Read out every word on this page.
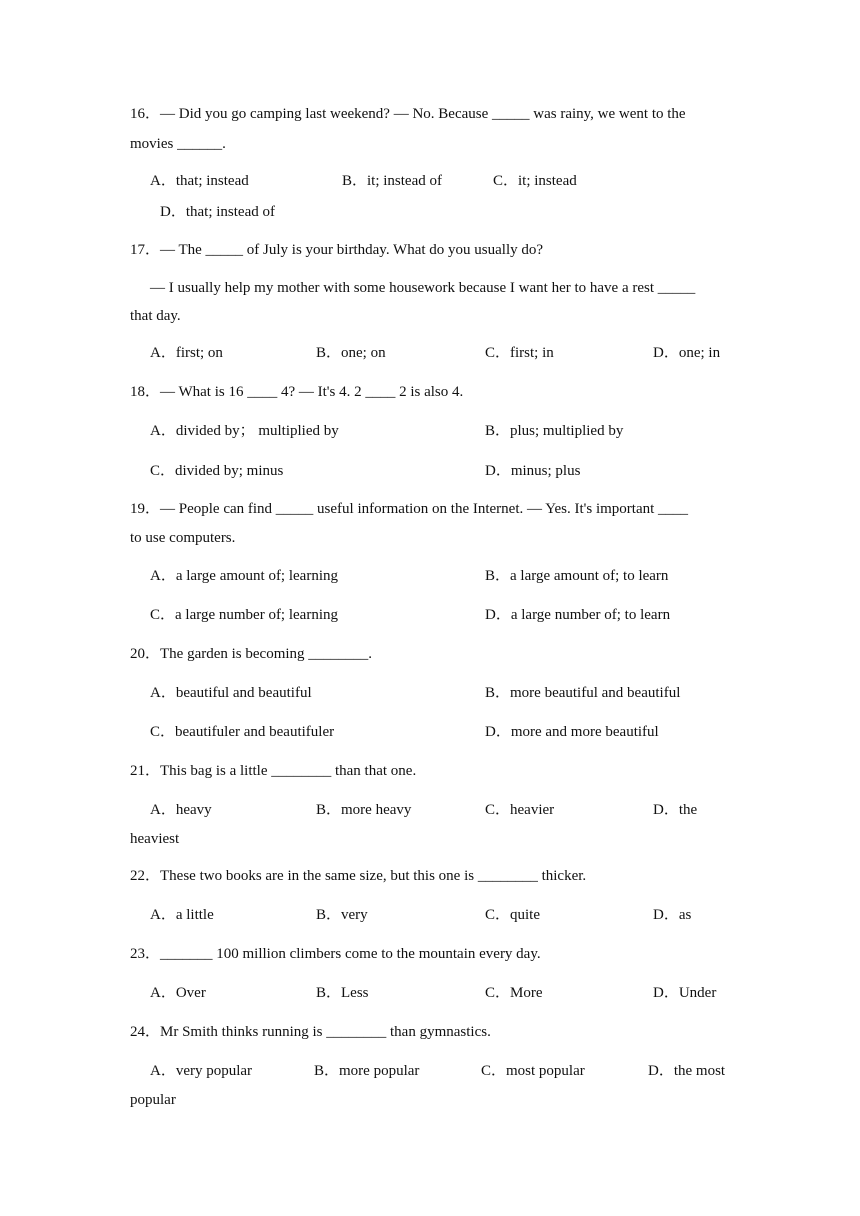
16．— Did you go camping last weekend? — No. Because _____ was rainy, we went to the
movies ______.
A．that; instead	B．it; instead of	C．it; instead
D．that; instead of
17．— The _____ of July is your birthday. What do you usually do?
— I usually help my mother with some housework because I want her to have a rest _____
that day.
A．first; on	B．one; on	C．first; in	D．one; in
18．— What is 16 ____ 4? — It's 4. 2 ____ 2 is also 4.
A．divided by； multiplied by	B．plus; multiplied by
C．divided by; minus	D．minus; plus
19．— People can find _____ useful information on the Internet. — Yes. It's important ____
to use computers.
A．a large amount of; learning	B．a large amount of; to learn
C．a large number of; learning	D．a large number of; to learn
20．The garden is becoming ________.
A．beautiful and beautiful	B．more beautiful and beautiful
C．beautifuler and beautifuler	D．more and more beautiful
21．This bag is a little ________ than that one.
A．heavy	B．more heavy	C．heavier	D．the
heaviest
22．These two books are in the same size, but this one is ________ thicker.
A．a little	B．very	C．quite	D．as
23．_______ 100 million climbers come to the mountain every day.
A．Over	B．Less	C．More	D．Under
24．Mr Smith thinks running is ________ than gymnastics.
A．very popular	B．more popular	C．most popular	D．the most
popular
